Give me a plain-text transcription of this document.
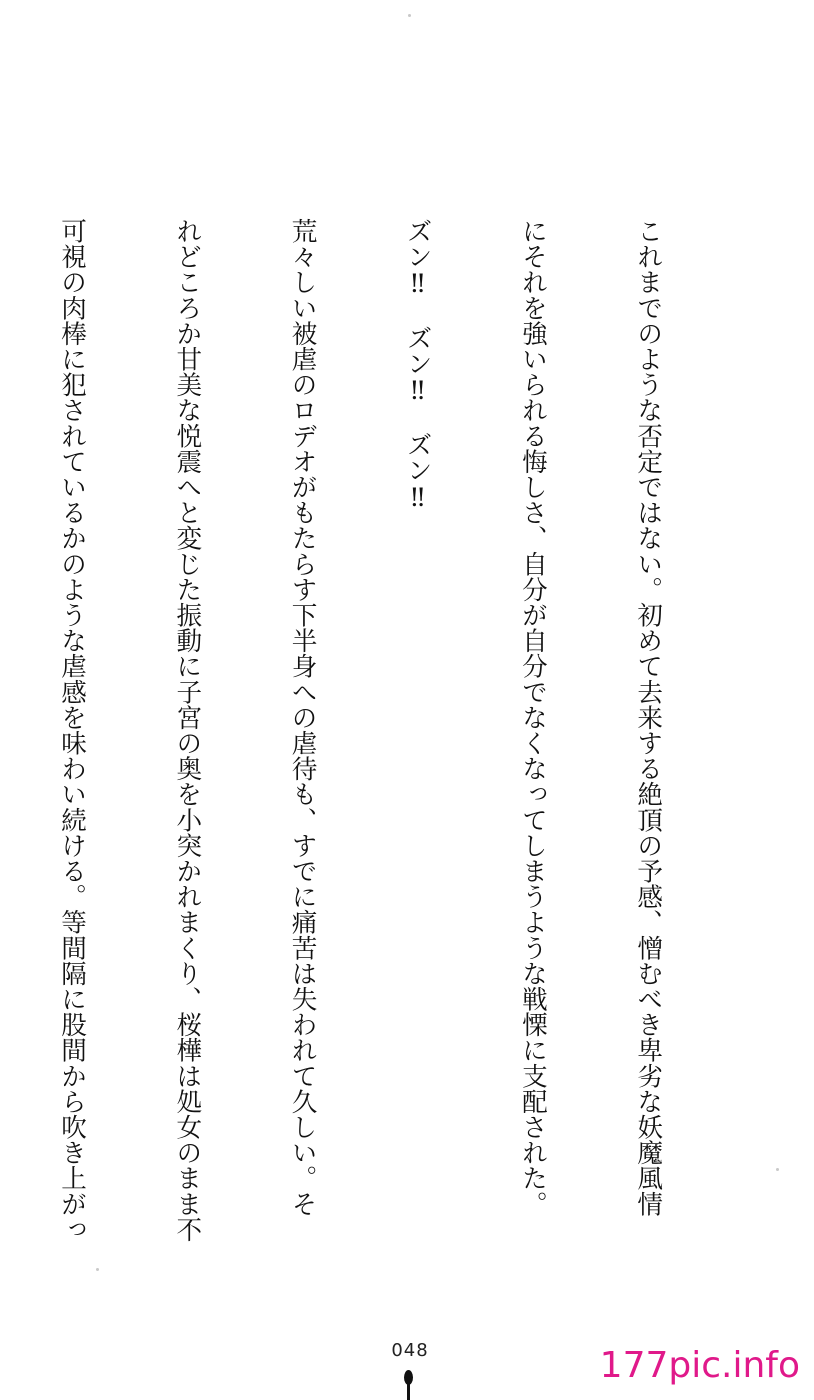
これまでのような否定ではない。初めて去来する絶頂の予感、憎むべき卑劣な妖魔風情

にそれを強いられる悔しさ、自分が自分でなくなってしまうような戦慄に支配された。

ズン‼　ズン‼　ズン‼

荒々しい被虐のロデオがもたらす下半身への虐待も、すでに痛苦は失われて久しい。そ

れどころか甘美な悦震へと変じた振動に子宮の奥を小突かれまくり、桜樺は処女のまま不

可視の肉棒に犯されているかのような虐感を味わい続ける。等間隔に股間から吹き上がっ

048	177pic.info
